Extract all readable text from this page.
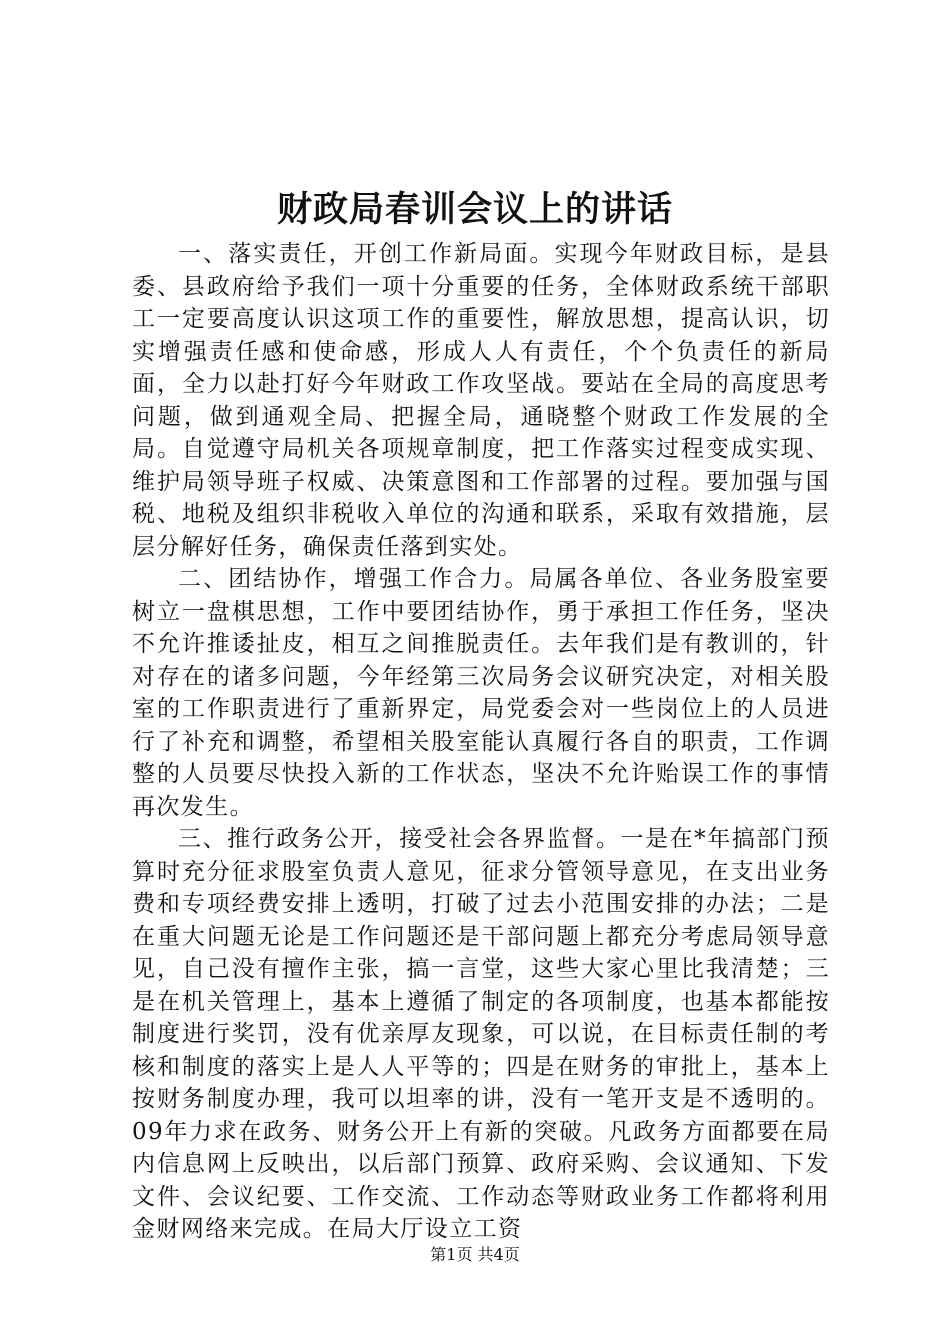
财政局春训会议上的讲话

一、落实责任，开创工作新局面。实现今年财政目标，是县委、县政府给予我们一项十分重要的任务，全体财政系统干部职工一定要高度认识这项工作的重要性，解放思想，提高认识，切实增强责任感和使命感，形成人人有责任，个个负责任的新局面，全力以赴打好今年财政工作攻坚战。要站在全局的高度思考问题，做到通观全局、把握全局，通晓整个财政工作发展的全局。自觉遵守局机关各项规章制度，把工作落实过程变成实现、维护局领导班子权威、决策意图和工作部署的过程。要加强与国税、地税及组织非税收入单位的沟通和联系，采取有效措施，层层分解好任务，确保责任落到实处。

二、团结协作，增强工作合力。局属各单位、各业务股室要树立一盘棋思想，工作中要团结协作，勇于承担工作任务，坚决不允许推诿扯皮，相互之间推脱责任。去年我们是有教训的，针对存在的诸多问题，今年经第三次局务会议研究决定，对相关股室的工作职责进行了重新界定，局党委会对一些岗位上的人员进行了补充和调整，希望相关股室能认真履行各自的职责，工作调整的人员要尽快投入新的工作状态，坚决不允许贻误工作的事情再次发生。

三、推行政务公开，接受社会各界监督。一是在*年搞部门预算时充分征求股室负责人意见，征求分管领导意见，在支出业务费和专项经费安排上透明，打破了过去小范围安排的办法；二是在重大问题无论是工作问题还是干部问题上都充分考虑局领导意见，自己没有擅作主张，搞一言堂，这些大家心里比我清楚；三是在机关管理上，基本上遵循了制定的各项制度，也基本都能按制度进行奖罚，没有优亲厚友现象，可以说，在目标责任制的考核和制度的落实上是人人平等的；四是在财务的审批上，基本上按财务制度办理，我可以坦率的讲，没有一笔开支是不透明的。09年力求在政务、财务公开上有新的突破。凡政务方面都要在局内信息网上反映出，以后部门预算、政府采购、会议通知、下发文件、会议纪要、工作交流、工作动态等财政业务工作都将利用金财网络来完成。在局大厅设立工资

第1页 共4页
